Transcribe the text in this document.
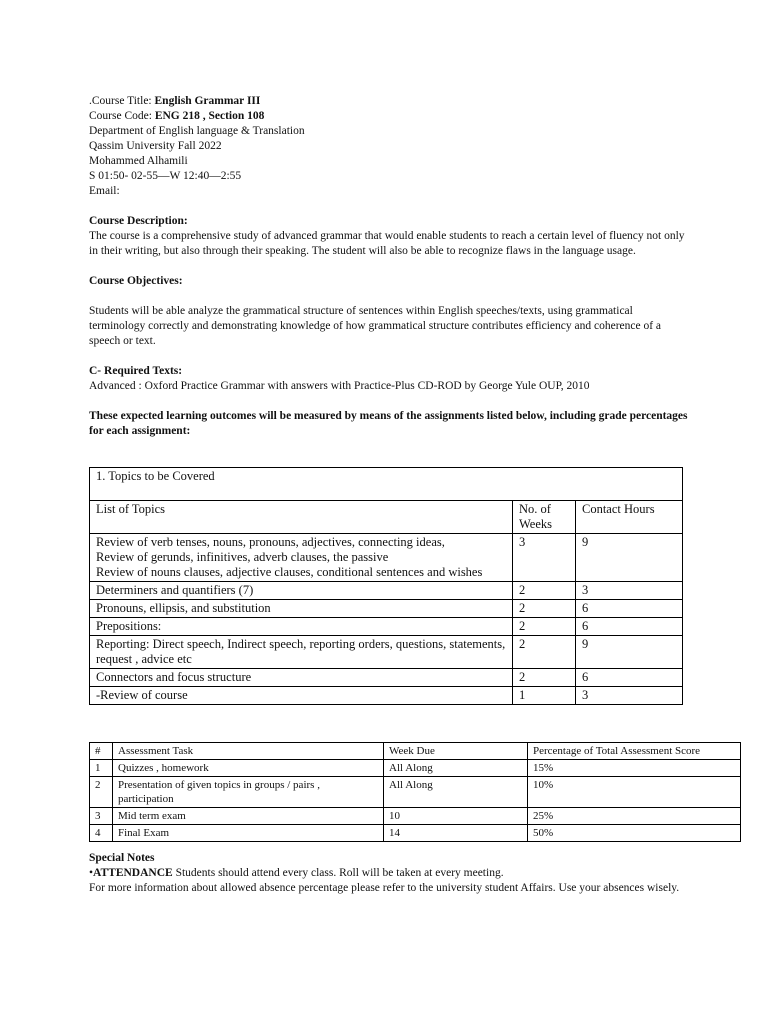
.Course Title: English Grammar III
Course Code: ENG 218 , Section 108
Department of English language & Translation
Qassim University Fall 2022
Mohammed Alhamili
S 01:50- 02-55—W 12:40—2:55
Email:
Course Description:

The course is a comprehensive study of advanced grammar that would enable students to reach a certain level of fluency not only in their writing, but also through their speaking. The student will also be able to recognize flaws in the language usage.

Course Objectives:

Students will be able analyze the grammatical structure of sentences within English speeches/texts, using grammatical terminology correctly and demonstrating knowledge of how grammatical structure contributes efficiency and coherence of a speech or text.

C- Required Texts:
Advanced : Oxford Practice Grammar with answers with Practice-Plus CD-ROD by George Yule OUP, 2010

These expected learning outcomes will be measured by means of the assignments listed below, including grade percentages for each assignment:

1. Topics to be Covered		
List of Topics	No. of Weeks	Contact Hours

Review of verb tenses, nouns, pronouns, adjectives, connecting ideas,
Review of gerunds, infinitives, adverb clauses, the passive
Review of nouns clauses, adjective clauses, conditional sentences and wishes	3	9
Determiners and quantifiers (7)	2	3
Pronouns, ellipsis, and substitution	2	6
Prepositions:	2	6
Reporting: Direct speech, Indirect speech, reporting orders, questions, statements, request , advice etc	2	9
Connectors and focus structure	2	6
-Review of course	1	3
#	Assessment Task	Week Due	Percentage of Total Assessment Score
1	Quizzes , homework	All Along	15%
2	Presentation of given topics in groups / pairs , participation	All Along	10%
3	Mid term exam	10	25%
4	Final Exam	14	50%
Special Notes
•ATTENDANCE Students should attend every class. Roll will be taken at every meeting.

For more information about allowed absence percentage please refer to the university student Affairs. Use your absences wisely.
